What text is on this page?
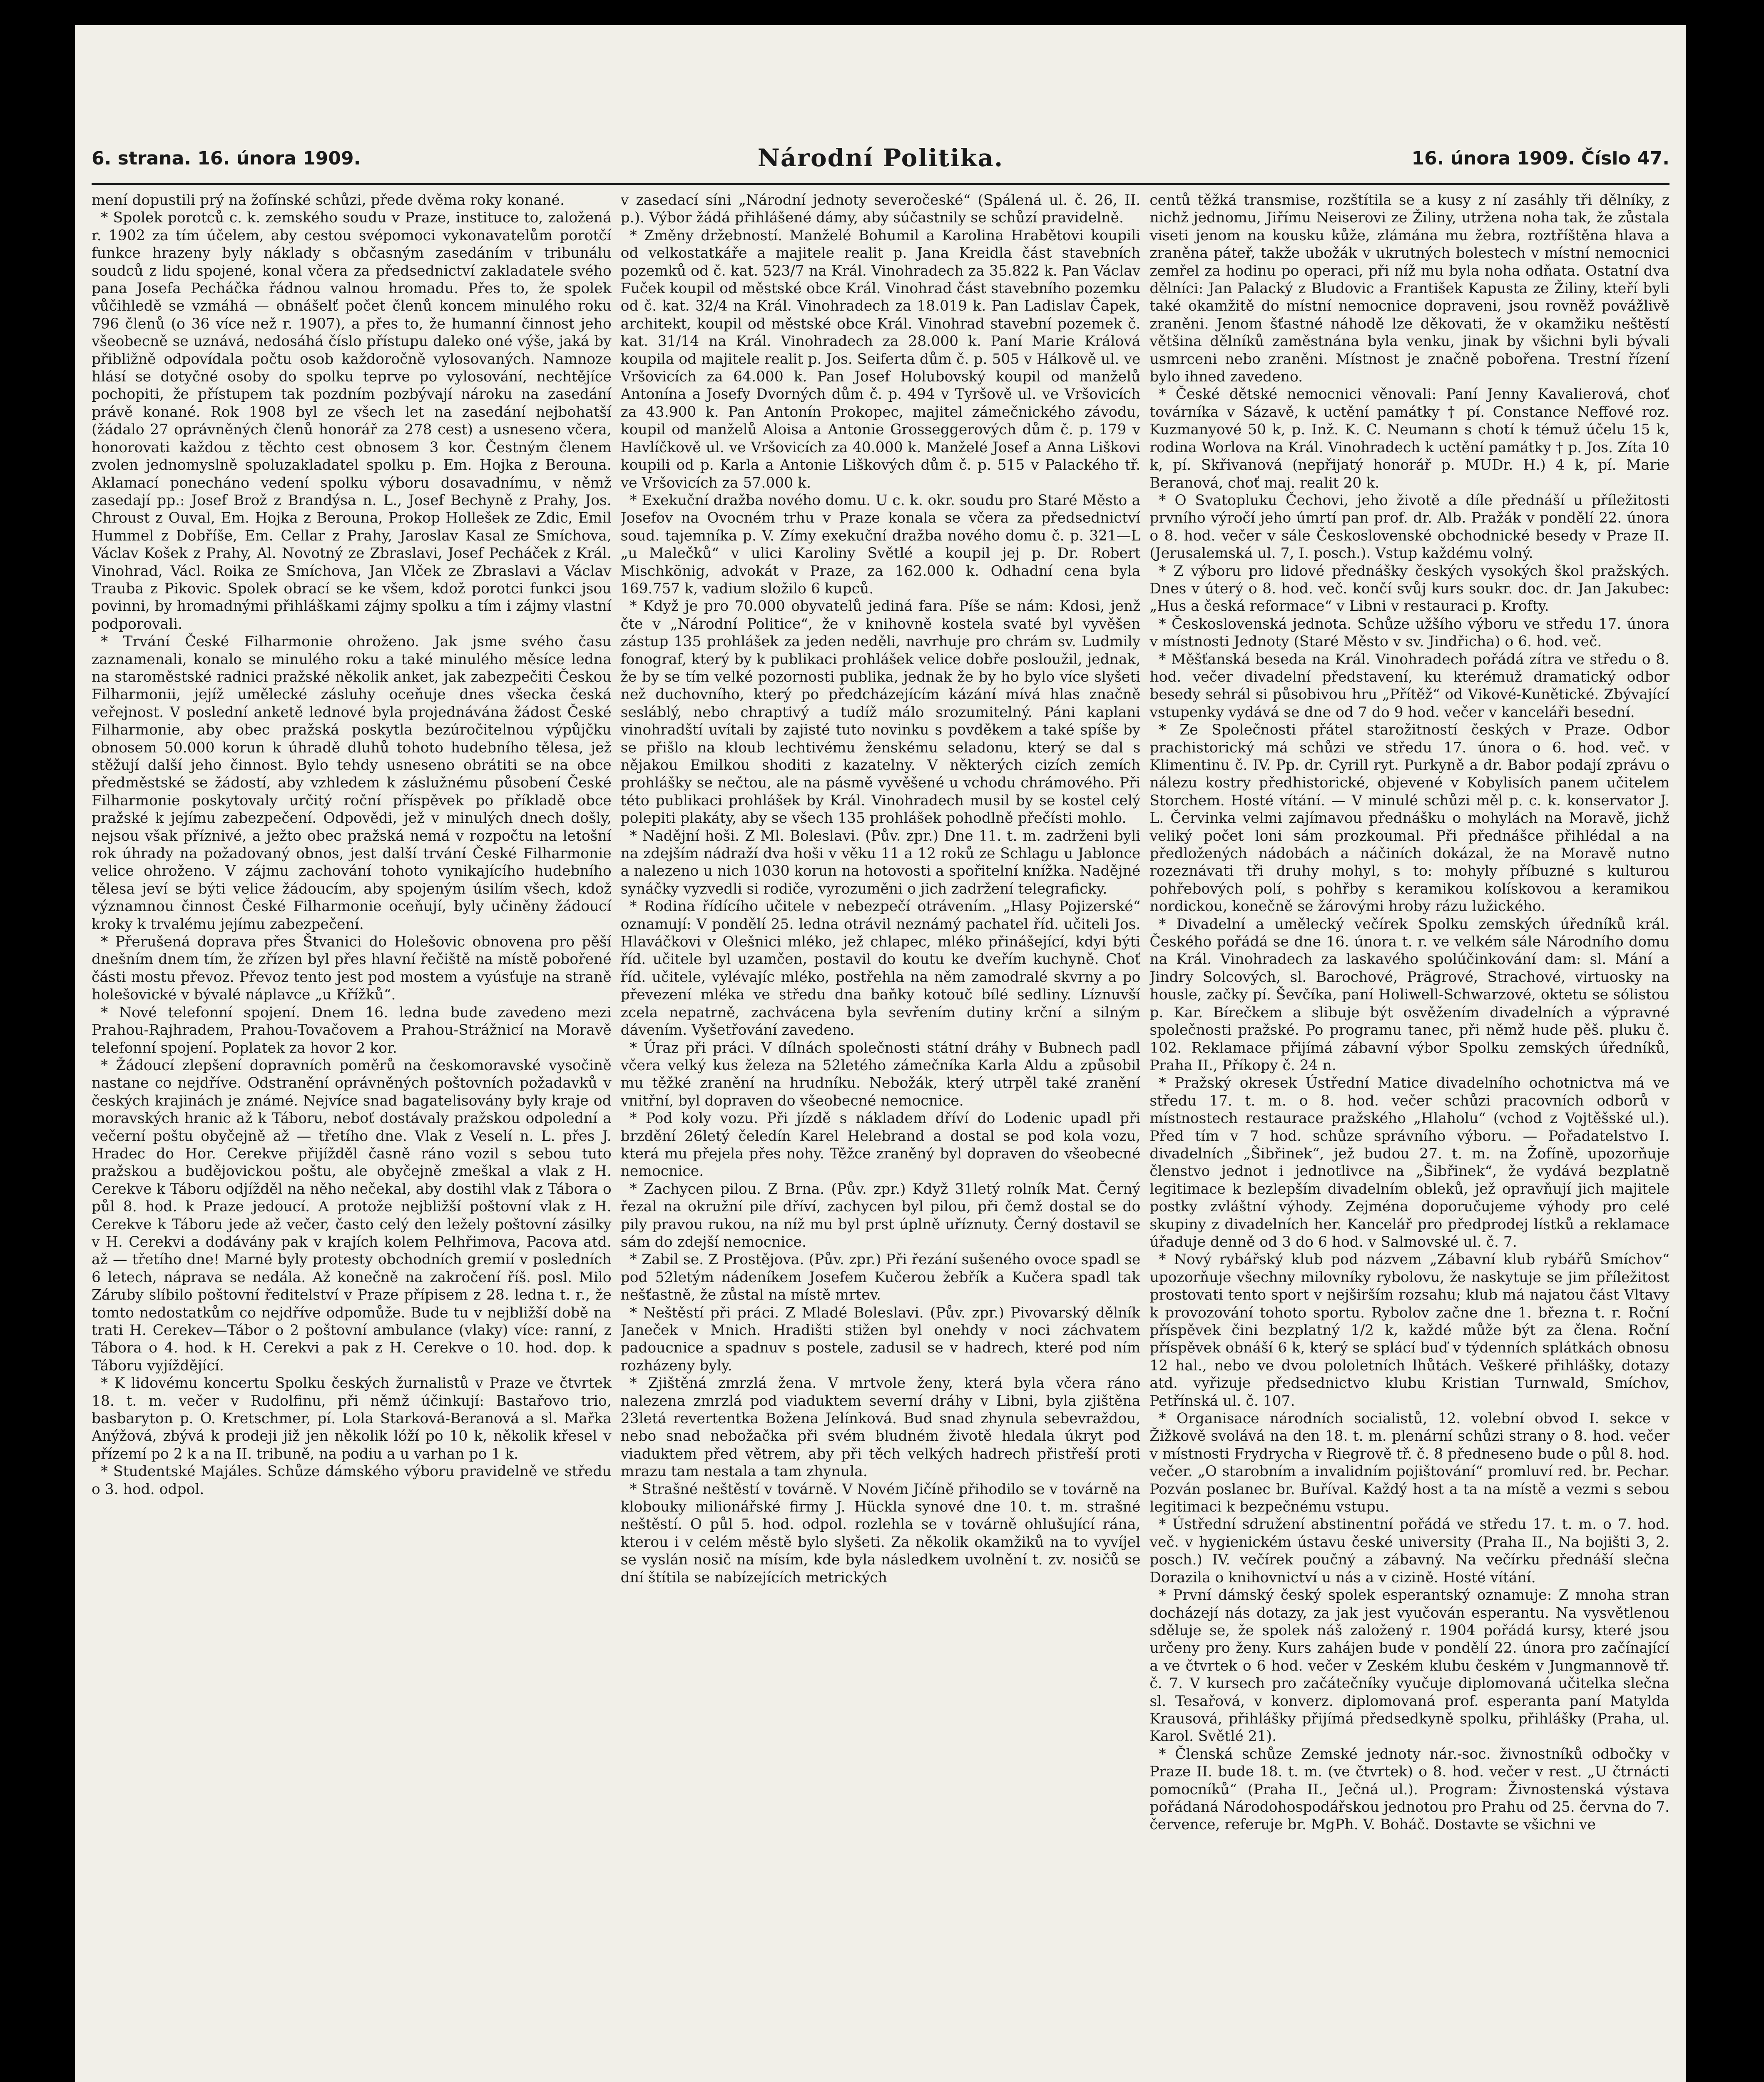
6. strana. 16. února 1909.	Národní Politika.	16. února 1909. Číslo 47.

mení dopustili prý na žofínské schůzi, přede dvěma roky konané.

* Spolek porotců c. k. zemského soudu v Praze, instituce to, založená r. 1902 za tím účelem, aby cestou svépomoci vykonavatelům porotčí funkce hrazeny byly náklady s občasným zasedáním v tribunálu soudců z lidu spojené, konal včera za předsednictví zakladatele svého pana Josefa Pecháčka řádnou valnou hromadu. Přes to, že spolek vůčihledě se vzmáhá — obnášelť počet členů koncem minulého roku 796 členů (o 36 více než r. 1907), a přes to, že humanní činnost jeho všeobecně se uznává, nedosáhá číslo přístupu daleko oné výše, jaká by přibližně odpovídala počtu osob každoročně vylosovaných. Namnoze hlásí se dotyčné osoby do spolku teprve po vylosování, nechtějíce pochopiti, že přístupem tak pozdním pozbývají nároku na zasedání právě konané. Rok 1908 byl ze všech let na zasedání nejbohatší (žádalo 27 oprávněných členů honorář za 278 cest) a usneseno včera, honorovati každou z těchto cest obnosem 3 kor. Čestným členem zvolen jednomyslně spoluzakladatel spolku p. Em. Hojka z Berouna. Aklamací ponecháno vedení spolku výboru dosavadnímu, v němž zasedají pp.: Josef Brož z Brandýsa n. L., Josef Bechyně z Prahy, Jos. Chroust z Ouval, Em. Hojka z Berouna, Prokop Hollešek ze Zdic, Emil Hummel z Dobříše, Em. Cellar z Prahy, Jaroslav Kasal ze Smíchova, Václav Košek z Prahy, Al. Novotný ze Zbraslavi, Josef Pecháček z Král. Vinohrad, Václ. Roika ze Smíchova, Jan Vlček ze Zbraslavi a Václav Trauba z Pikovic. Spolek obrací se ke všem, kdož porotci funkci jsou povinni, by hromadnými přihláškami zájmy spolku a tím i zájmy vlastní podporovali.

* Trvání České Filharmonie ohroženo. Jak jsme svého času zaznamenali, konalo se minulého roku a také minulého měsíce ledna na staroměstské radnici pražské několik anket, jak zabezpečiti Českou Filharmonii, jejíž umělecké zásluhy oceňuje dnes všecka česká veřejnost. V poslední anketě lednové byla projednávána žádost České Filharmonie, aby obec pražská poskytla bezúročitelnou výpůjčku obnosem 50.000 korun k úhradě dluhů tohoto hudebního tělesa, jež stěžují další jeho činnost. Bylo tehdy usneseno obrátiti se na obce předměstské se žádostí, aby vzhledem k záslužnému působení České Filharmonie poskytovaly určitý roční příspěvek po příkladě obce pražské k jejímu zabezpečení. Odpovědi, jež v minulých dnech došly, nejsou však příznivé, a ježto obec pražská nemá v rozpočtu na letošní rok úhrady na požadovaný obnos, jest další trvání České Filharmonie velice ohroženo. V zájmu zachování tohoto vynikajícího hudebního tělesa jeví se býti velice žádoucím, aby spojeným úsilím všech, kdož významnou činnost České Filharmonie oceňují, byly učiněny žádoucí kroky k trvalému jejímu zabezpečení.

* Přerušená doprava přes Štvanici do Holešovic obnovena pro pěší dnešním dnem tím, že zřízen byl přes hlavní řečiště na místě pobořené části mostu převoz. Převoz tento jest pod mostem a vyúsťuje na straně holešovické v bývalé náplavce „u Křížků“.

* Nové telefonní spojení. Dnem 16. ledna bude zavedeno mezi Prahou-Rajhradem, Prahou-Tovačovem a Prahou-Strážnicí na Moravě telefonní spojení. Poplatek za hovor 2 kor.

* Žádoucí zlepšení dopravních poměrů na českomoravské vysočině nastane co nejdříve. Odstranění oprávněných poštovních požadavků v českých krajinách je známé. Nejvíce snad bagatelisovány byly kraje od moravských hranic až k Táboru, neboť dostávaly pražskou odpolední a večerní poštu obyčejně až — třetího dne. Vlak z Veselí n. L. přes J. Hradec do Hor. Cerekve přijížděl časně ráno vozil s sebou tuto pražskou a budějovickou poštu, ale obyčejně zmeškal a vlak z H. Cerekve k Táboru odjížděl na něho nečekal, aby dostihl vlak z Tábora o půl 8. hod. k Praze jedoucí. A protože nejbližší poštovní vlak z H. Cerekve k Táboru jede až večer, často celý den ležely poštovní zásilky v H. Cerekvi a dodávány pak v krajích kolem Pelhřimova, Pacova atd. až — třetího dne! Marné byly protesty obchodních gremií v posledních 6 letech, náprava se nedála. Až konečně na zakročení říš. posl. Milo Záruby slíbilo poštovní ředitelství v Praze přípisem z 28. ledna t. r., že tomto nedostatkům co nejdříve odpomůže. Bude tu v nejbližší době na trati H. Cerekev—Tábor o 2 poštovní ambulance (vlaky) více: ranní, z Tábora o 4. hod. k H. Cerekvi a pak z H. Cerekve o 10. hod. dop. k Táboru vyjíždějící.

* K lidovému koncertu Spolku českých žurnalistů v Praze ve čtvrtek 18. t. m. večer v Rudolfinu, při němž účinkují: Bastařovo trio, basbaryton p. O. Kretschmer, pí. Lola Starková-Beranová a sl. Mařka Anýžová, zbývá k prodeji již jen několik lóží po 10 k, několik křesel v přízemí po 2 k a na II. tribuně, na podiu a u varhan po 1 k.

* Studentské Majáles. Schůze dámského výboru pravidelně ve středu o 3. hod. odpol.

v zasedací síni „Národní jednoty severočeské“ (Spálená ul. č. 26, II. p.). Výbor žádá přihlášené dámy, aby súčastnily se schůzí pravidelně.

* Změny držebností. Manželé Bohumil a Karolina Hrabětovi koupili od velkostatkáře a majitele realit p. Jana Kreidla část stavebních pozemků od č. kat. 523/7 na Král. Vinohradech za 35.822 k. Pan Václav Fuček koupil od městské obce Král. Vinohrad část stavebního pozemku od č. kat. 32/4 na Král. Vinohradech za 18.019 k. Pan Ladislav Čapek, architekt, koupil od městské obce Král. Vinohrad stavební pozemek č. kat. 31/14 na Král. Vinohradech za 28.000 k. Paní Marie Králová koupila od majitele realit p. Jos. Seiferta dům č. p. 505 v Hálkově ul. ve Vršovicích za 64.000 k. Pan Josef Holubovský koupil od manželů Antonína a Josefy Dvorných dům č. p. 494 v Tyršově ul. ve Vršovicích za 43.900 k. Pan Antonín Prokopec, majitel zámečnického závodu, koupil od manželů Aloisa a Antonie Grosseggerových dům č. p. 179 v Havlíčkově ul. ve Vršovicích za 40.000 k. Manželé Josef a Anna Liškovi koupili od p. Karla a Antonie Liškových dům č. p. 515 v Palackého tř. ve Vršovicích za 57.000 k.

* Exekuční dražba nového domu. U c. k. okr. soudu pro Staré Město a Josefov na Ovocném trhu v Praze konala se včera za předsednictví soud. tajemníka p. V. Zímy exekuční dražba nového domu č. p. 321—L „u Malečků“ v ulici Karoliny Světlé a koupil jej p. Dr. Robert Mischkönig, advokát v Praze, za 162.000 k. Odhadní cena byla 169.757 k, vadium složilo 6 kupců.

* Když je pro 70.000 obyvatelů jediná fara. Píše se nám: Kdosi, jenž čte v „Národní Politice“, že v knihovně kostela svaté byl vyvěšen zástup 135 prohlášek za jeden neděli, navrhuje pro chrám sv. Ludmily fonograf, který by k publikaci prohlášek velice dobře posloužil, jednak, že by se tím velké pozornosti publika, jednak že by ho bylo více slyšeti než duchovního, který po předcházejícím kázání mívá hlas značně sesláblý, nebo chraptivý a tudíž málo srozumitelný. Páni kaplani vinohradští uvítali by zajisté tuto novinku s povděkem a také spíše by se přišlo na kloub lechtivému ženskému seladonu, který se dal s nějakou Emilkou shoditi z kazatelny. V některých cizích zemích prohlášky se nečtou, ale na pásmě vyvěšené u vchodu chrámového. Při této publikaci prohlášek by Král. Vinohradech musil by se kostel celý polepiti plakáty, aby se všech 135 prohlášek pohodlně přečísti mohlo.

* Nadějní hoši. Z Ml. Boleslavi. (Pův. zpr.) Dne 11. t. m. zadrženi byli na zdejším nádraží dva hoši v věku 11 a 12 roků ze Schlagu u Jablonce a nalezeno u nich 1030 korun na hotovosti a spořitelní knížka. Nadějné synáčky vyzvedli si rodiče, vyrozuměni o jich zadržení telegraficky.

* Rodina řídícího učitele v nebezpečí otrávením. „Hlasy Pojizerské“ oznamují: V pondělí 25. ledna otrávil neznámý pachatel říd. učiteli Jos. Hlaváčkovi v Olešnici mléko, jež chlapec, mléko přinášející, kdyi býti říd. učitele byl uzamčen, postavil do koutu ke dveřím kuchyně. Choť říd. učitele, vylévajíc mléko, postřehla na něm zamodralé skvrny a po převezení mléka ve středu dna baňky kotouč bílé sedliny. Líznuvší zcela nepatrně, zachvácena byla sevřením dutiny krční a silným dávením. Vyšetřování zavedeno.

* Úraz při práci. V dílnách společnosti státní dráhy v Bubnech padl včera velký kus železa na 52letého zámečníka Karla Aldu a způsobil mu těžké zranění na hrudníku. Nebožák, který utrpěl také zranění vnitřní, byl dopraven do všeobecné nemocnice.

* Pod koly vozu. Při jízdě s nákladem dříví do Lodenic upadl při brzdění 26letý čeledín Karel Helebrand a dostal se pod kola vozu, která mu přejela přes nohy. Těžce zraněný byl dopraven do všeobecné nemocnice.

* Zachycen pilou. Z Brna. (Pův. zpr.) Když 31letý rolník Mat. Černý řezal na okružní pile dříví, zachycen byl pilou, při čemž dostal se do pily pravou rukou, na níž mu byl prst úplně uříznuty. Černý dostavil se sám do zdejší nemocnice.

* Zabil se. Z Prostějova. (Pův. zpr.) Při řezání sušeného ovoce spadl se pod 52letým nádeníkem Josefem Kučerou žebřík a Kučera spadl tak nešťastně, že zůstal na místě mrtev.

* Neštěstí při práci. Z Mladé Boleslavi. (Pův. zpr.) Pivovarský dělník Janeček v Mnich. Hradišti stižen byl onehdy v noci záchvatem padoucnice a spadnuv s postele, zadusil se v hadrech, které pod ním rozházeny byly.

* Zjištěná zmrzlá žena. V mrtvole ženy, která byla včera ráno nalezena zmrzlá pod viaduktem severní dráhy v Libni, byla zjištěna 23letá revertentka Božena Jelínková. Bud snad zhynula sebevraždou, nebo snad nebožačka při svém bludném životě hledala úkryt pod viaduktem před větrem, aby při těch velkých hadrech přistřeší proti mrazu tam nestala a tam zhynula.

* Strašné neštěstí v továrně. V Novém Jičíně přihodilo se v továrně na klobouky milionářské firmy J. Hückla synové dne 10. t. m. strašné neštěstí. O půl 5. hod. odpol. rozlehla se v továrně ohlušující rána, kterou i v celém městě bylo slyšeti. Za několik okamžiků na to vyvíjel se vyslán nosič na mísím, kde byla následkem uvolnění t. zv. nosičů se dní štítila se nabízejících metrických

centů těžká transmise, rozštítila se a kusy z ní zasáhly tři dělníky, z nichž jednomu, Jiřímu Neiserovi ze Žiliny, utržena noha tak, že zůstala viseti jenom na kousku kůže, zlámána mu žebra, roztříštěna hlava a zraněna páteř, takže ubožák v ukrutných bolestech v místní nemocnici zemřel za hodinu po operaci, při níž mu byla noha odňata. Ostatní dva dělníci: Jan Palacký z Bludovic a František Kapusta ze Žiliny, kteří byli také okamžitě do místní nemocnice dopraveni, jsou rovněž povážlivě zraněni. Jenom šťastné náhodě lze děkovati, že v okamžiku neštěstí většina dělníků zaměstnána byla venku, jinak by všichni byli bývali usmrceni nebo zraněni. Místnost je značně pobořena. Trestní řízení bylo ihned zavedeno.

* České dětské nemocnici věnovali: Paní Jenny Kavalierová, choť továrníka v Sázavě, k uctění památky † pí. Constance Neffové roz. Kuzmanyové 50 k, p. Inž. K. C. Neumann s chotí k témuž účelu 15 k, rodina Worlova na Král. Vinohradech k uctění památky † p. Jos. Zíta 10 k, pí. Skřivanová (nepřijatý honorář p. MUDr. H.) 4 k, pí. Marie Beranová, choť maj. realit 20 k.

* O Svatopluku Čechovi, jeho životě a díle přednáší u příležitosti prvního výročí jeho úmrtí pan prof. dr. Alb. Pražák v pondělí 22. února o 8. hod. večer v sále Československé obchodnické besedy v Praze II. (Jerusalemská ul. 7, I. posch.). Vstup každému volný.

* Z výboru pro lidové přednášky českých vysokých škol pražských. Dnes v úterý o 8. hod. več. končí svůj kurs soukr. doc. dr. Jan Jakubec: „Hus a česká reformace“ v Libni v restauraci p. Krofty.

* Československá jednota. Schůze užšího výboru ve středu 17. února v místnosti Jednoty (Staré Město v sv. Jindřicha) o 6. hod. več.

* Měšťanská beseda na Král. Vinohradech pořádá zítra ve středu o 8. hod. večer divadelní představení, ku kterémuž dramatický odbor besedy sehrál si působivou hru „Přítěž“ od Vikové-Kunětické. Zbývající vstupenky vydává se dne od 7 do 9 hod. večer v kanceláři besední.

* Ze Společnosti přátel starožitností českých v Praze. Odbor prachistorický má schůzi ve středu 17. února o 6. hod. več. v Klimentinu č. IV. Pp. dr. Cyrill ryt. Purkyně a dr. Babor podají zprávu o nálezu kostry předhistorické, objevené v Kobylisích panem učitelem Storchem. Hosté vítání. — V minulé schůzi měl p. c. k. konservator J. L. Červinka velmi zajímavou přednášku o mohylách na Moravě, jichž veliký počet loni sám prozkoumal. Při přednášce přihlédal a na předložených nádobách a náčiních dokázal, že na Moravě nutno rozeznávati tři druhy mohyl, s to: mohyly příbuzné s kulturou pohřebových polí, s pohřby s keramikou kolískovou a keramikou nordickou, konečně se žárovými hroby rázu lužického.

* Divadelní a umělecký večírek Spolku zemských úředníků král. Českého pořádá se dne 16. února t. r. ve velkém sále Národního domu na Král. Vinohradech za laskavého spolúčinkování dam: sl. Mání a Jindry Solcových, sl. Barochové, Prägrové, Strachové, virtuosky na housle, začky pí. Ševčíka, paní Holiwell-Schwarzové, oktetu se sólistou p. Kar. Bírečkem a slibuje být osvěžením divadelních a výpravné společnosti pražské. Po programu tanec, při němž hude pěš. pluku č. 102. Reklamace přijímá zábavní výbor Spolku zemských úředníků, Praha II., Příkopy č. 24 n.

* Pražský okresek Ústřední Matice divadelního ochotnictva má ve středu 17. t. m. o 8. hod. večer schůzi pracovních odborů v místnostech restaurace pražského „Hlaholu“ (vchod z Vojtěšské ul.). Před tím v 7 hod. schůze správního výboru. — Pořadatelstvo I. divadelních „Šibřinek“, jež budou 27. t. m. na Žofíně, upozorňuje členstvo jednot i jednotlivce na „Šibřinek“, že vydává bezplatně legitimace k bezlepším divadelním obleků, jež opravňují jich majitele postky zvláštní výhody. Zejména doporučujeme výhody pro celé skupiny z divadelních her. Kancelář pro předprodej lístků a reklamace úřaduje denně od 3 do 6 hod. v Salmovské ul. č. 7.

* Nový rybářský klub pod názvem „Zábavní klub rybářů Smíchov“ upozorňuje všechny milovníky rybolovu, že naskytuje se jim příležitost prostovati tento sport v nejširším rozsahu; klub má najatou část Vltavy k provozování tohoto sportu. Rybolov začne dne 1. března t. r. Roční příspěvek čini bezplatný 1/2 k, každé může být za člena. Roční příspěvek obnáší 6 k, který se splácí buď v týdenních splátkách obnosu 12 hal., nebo ve dvou pololetních lhůtách. Veškeré přihlášky, dotazy atd. vyřizuje předsednictvo klubu Kristian Turnwald, Smíchov, Petřínská ul. č. 107.

* Organisace národních socialistů, 12. volební obvod I. sekce v Žižkově svolává na den 18. t. m. plenární schůzi strany o 8. hod. večer v místnosti Frydrycha v Riegrově tř. č. 8 předneseno bude o půl 8. hod. večer. „O starobním a invalidním pojištování“ promluví red. br. Pechar. Pozván poslanec br. Buříval. Každý host a ta na místě a vezmi s sebou legitimaci k bezpečnému vstupu.

* Ústřední sdružení abstinentní pořádá ve středu 17. t. m. o 7. hod. več. v hygienickém ústavu české university (Praha II., Na bojišti 3, 2. posch.) IV. večírek poučný a zábavný. Na večírku přednáší slečna Dorazila o knihovnictví u nás a v cizině. Hosté vítání.

* První dámský český spolek esperantský oznamuje: Z mnoha stran docházejí nás dotazy, za jak jest vyučován esperantu. Na vysvětlenou sděluje se, že spolek náš založený r. 1904 pořádá kursy, které jsou určeny pro ženy. Kurs zahájen bude v pondělí 22. února pro začínající a ve čtvrtek o 6 hod. večer v Zeském klubu českém v Jungmannově tř. č. 7. V kursech pro začátečníky vyučuje diplomovaná učitelka slečna sl. Tesařová, v konverz. diplomovaná prof. esperanta paní Matylda Krausová, přihlášky přijímá předsedkyně spolku, přihlášky (Praha, ul. Karol. Světlé 21).

* Členská schůze Zemské jednoty nár.-soc. živnostníků odbočky v Praze II. bude 18. t. m. (ve čtvrtek) o 8. hod. večer v rest. „U čtrnácti pomocníků“ (Praha II., Ječná ul.). Program: Živnostenská výstava pořádaná Národohospodářskou jednotou pro Prahu od 25. června do 7. července, referuje br. MgPh. V. Boháč. Dostavte se všichni ve
